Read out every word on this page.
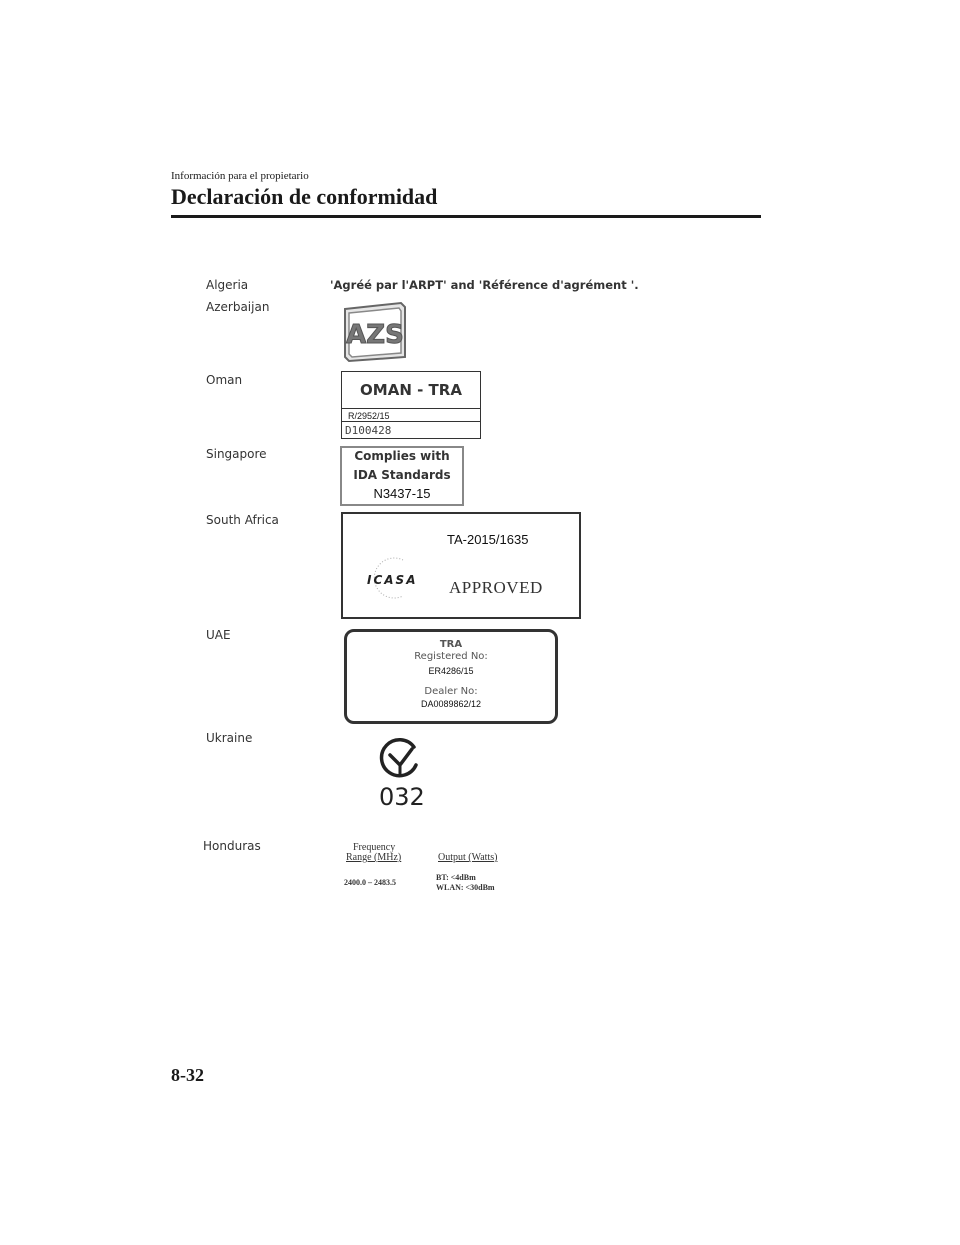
Información para el propietario
Declaración de conformidad
Algeria
Azerbaijan
Oman
Singapore
South Africa
UAE
Ukraine
Honduras
'Agréé par l'ARPT' and 'Référence d'agrément '.
AZS
OMAN - TRA
R/2952/15
D100428
Complies with
IDA Standards
N3437-15
TA-2015/1635
ICASA APPROVED
TRA
Registered No:
ER4286/15
Dealer No:
DA0089862/12
032
Frequency
Range (MHz)	Output (Watts)
2400.0 – 2483.5
BT: <4dBm
WLAN: <30dBm
8-32
